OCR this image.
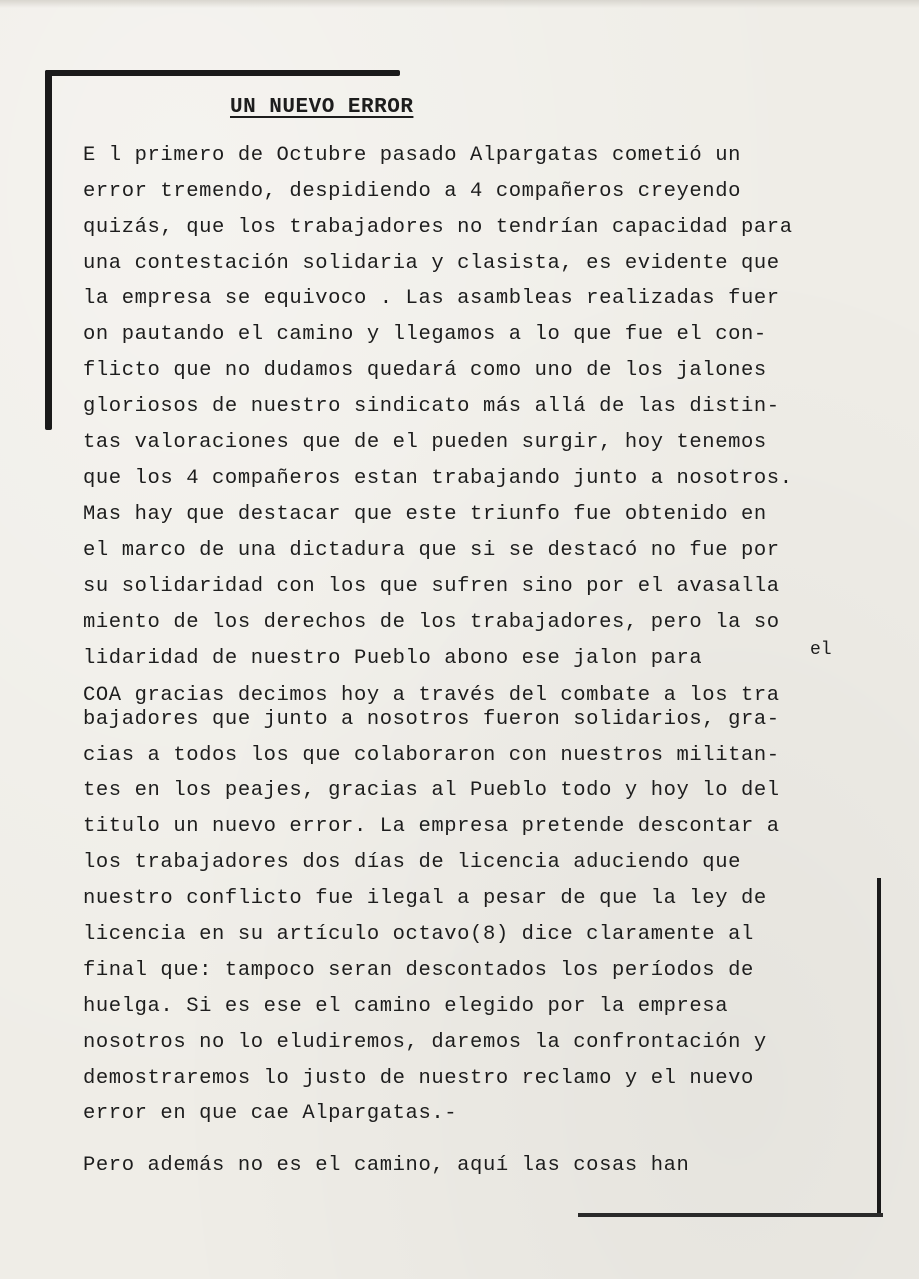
UN NUEVO ERROR
E l primero de Octubre pasado Alpargatas cometió un
error tremendo, despidiendo a 4 compañeros creyendo
quizás, que los trabajadores no tendrían capacidad para
una contestación solidaria y clasista, es evidente que
la empresa se equivoco . Las asambleas realizadas fuer
on pautando el camino y llegamos a lo que fue el con-
flicto que no dudamos quedará como uno de los jalones
gloriosos de nuestro sindicato más allá de las distin-
tas valoraciones que de el pueden surgir, hoy tenemos
que los 4 compañeros estan trabajando junto a nosotros.
Mas hay que destacar que este triunfo fue obtenido en
el marco de una dictadura que si se destacó no fue por
su solidaridad con los que sufren sino por el avasalla
miento de los derechos de los trabajadores, pero la so
lidaridad de nuestro Pueblo abono ese jalon para	el
COA gracias decimos hoy a través del combate a los tra
bajadores que junto a nosotros fueron solidarios, gra-
cias a todos los que colaboraron con nuestros militan-
tes en los peajes, gracias al Pueblo todo y hoy lo del
titulo un nuevo error. La empresa pretende descontar a
los trabajadores dos días de licencia aduciendo que
nuestro conflicto fue ilegal a pesar de que la ley de
licencia en su artículo octavo(8) dice claramente al
final que: tampoco seran descontados los períodos de
huelga. Si es ese el camino elegido por la empresa
nosotros no lo eludiremos, daremos la confrontación y
demostraremos lo justo de nuestro reclamo y el nuevo
error en que cae Alpargatas.-
Pero además no es el camino, aquí las cosas han
